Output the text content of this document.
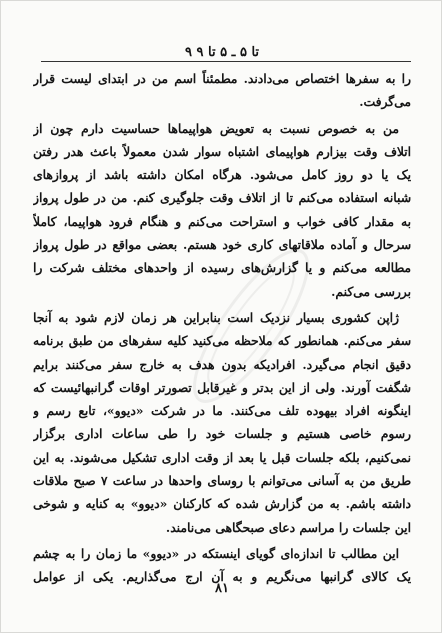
۹ تا ۵ ـ ۵ تا ۹

را به سفرها اختصاص می‌دادند. مطمئناً اسم من در ابتدای لیست قرار
می‌گرفت.

من به خصوص نسبت به تعویض هواپیماها حساسیت دارم چون از
اتلاف وقت بیزارم هواپیمای اشتباه سوار شدن معمولاً باعث هدر رفتن
یک یا دو روز کامل می‌شود. هرگاه امکان داشته باشد از پروازهای
شبانه استفاده می‌کنم تا از اتلاف وقت جلوگیری کنم. من در طول پرواز
به مقدار کافی خواب و استراحت می‌کنم و هنگام فرود هواپیما، کاملاً
سرحال و آماده ملاقاتهای کاری خود هستم. بعضی مواقع در طول پرواز
مطالعه می‌کنم و یا گزارش‌های رسیده از واحدهای مختلف شرکت را
بررسی می‌کنم.

ژاپن کشوری بسیار نزدیک است بنابراین هر زمان لازم شود به آنجا
سفر می‌کنم. همانطور که ملاحظه می‌کنید کلیه سفرهای من طبق برنامه
دقیق انجام می‌گیرد. افرادیکه بدون هدف به خارج سفر می‌کنند برایم
شگفت آورند. ولی از این بدتر و غیرقابل تصورتر اوقات گرانبهائیست که
اینگونه افراد بیهوده تلف می‌کنند. ما در شرکت «دیوو»، تابع رسم و
رسوم خاصی هستیم و جلسات خود را طی ساعات اداری برگزار
نمی‌کنیم، بلکه جلسات قبل یا بعد از وقت اداری تشکیل می‌شوند. به این
طریق من به آسانی می‌توانم با روسای واحدها در ساعت ۷ صبح ملاقات
داشته باشم. به من گزارش شده که کارکنان «دیوو» به کنایه و شوخی
این جلسات را مراسم دعای صبحگاهی می‌نامند.

این مطالب تا اندازه‌ای گویای اینستکه در «دیوو» ما زمان را به چشم
یک کالای گرانبها می‌نگریم و به آن ارج می‌گذاریم. یکی از عوامل

۸۱
